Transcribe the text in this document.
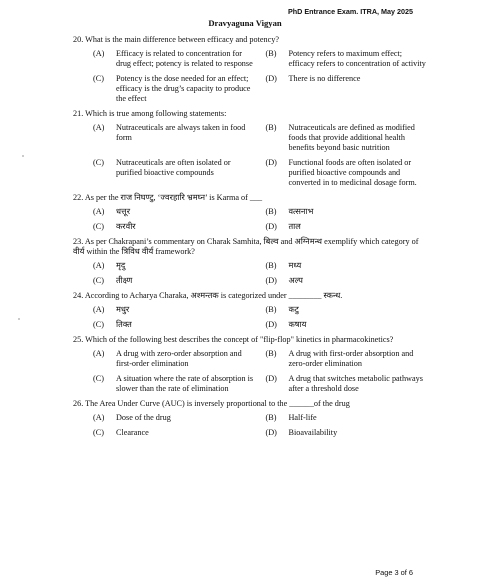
PhD Entrance Exam. ITRA, May 2025
Dravyaguna Vigyan
20. What is the main difference between efficacy and potency?
(A)	Efficacy is related to concentration for drug effect; potency is related to response
(B)	Potency refers to maximum effect; efficacy refers to concentration of activity
(C)	Potency is the dose needed for an effect; efficacy is the drug’s capacity to produce the effect
(D)	There is no difference
21. Which is true among following statements:
(A)	Nutraceuticals are always taken in food form
(B)	Nutraceuticals are defined as modified foods that provide additional health benefits beyond basic nutrition
(C)	Nutraceuticals are often isolated or purified bioactive compounds
(D)	Functional foods are often isolated or purified bioactive compounds and converted in to medicinal dosage form.
22. As per the राज निघण्टु, ‘ज्वरहारि भ्रमघ्न’ is Karma of ___
(A)	धत्तूर	(B)	वत्सनाभ
(C)	करवीर	(D)	ताल
23. As per Chakrapani’s commentary on Charak Samhita, बिल्व and अग्निमन्थ exemplify which category of वीर्य within the त्रिविध वीर्य framework?
(A)	मृदु	(B)	मध्य
(C)	तीक्ष्ण	(D)	अल्प
24. According to Acharya Charaka, अश्मन्तक is categorized under ________ स्कन्ध.
(A)	मधुर	(B)	कटु
(C)	तिक्त	(D)	कषाय
25. Which of the following best describes the concept of "flip-flop" kinetics in pharmacokinetics?
(A)	A drug with zero-order absorption and first-order elimination
(B)	A drug with first-order absorption and zero-order elimination
(C)	A situation where the rate of absorption is slower than the rate of elimination
(D)	A drug that switches metabolic pathways after a threshold dose
26. The Area Under Curve (AUC) is inversely proportional to the ______of the drug
(A)	Dose of the drug	(B)	Half-life
(C)	Clearance	(D)	Bioavailability
Page 3 of 6
